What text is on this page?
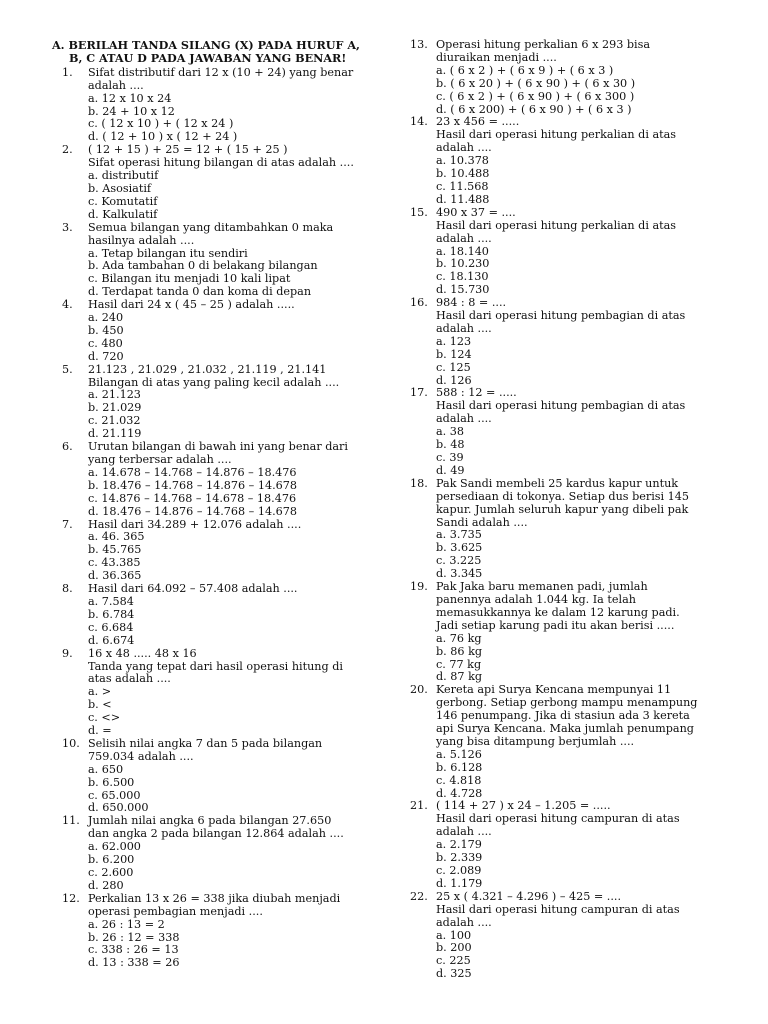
A. BERILAH TANDA SILANG (X) PADA HURUF A,
B, C ATAU D PADA JAWABAN YANG BENAR!
1. Sifat distributif dari 12 x (10 + 24) yang benar
adalah ....
a. 12 x 10 x 24
b. 24 + 10 x 12
c. ( 12 x 10 ) + ( 12 x 24 )
d. ( 12 + 10 ) x ( 12 + 24 )
2. ( 12 + 15 ) + 25 = 12 + ( 15 + 25 )
Sifat operasi hitung bilangan di atas adalah ....
a. distributif
b. Asosiatif
c. Komutatif
d. Kalkulatif
3. Semua bilangan yang ditambahkan 0 maka
hasilnya adalah ....
a. Tetap bilangan itu sendiri
b. Ada tambahan 0 di belakang bilangan
c. Bilangan itu menjadi 10 kali lipat
d. Terdapat tanda 0 dan koma di depan
4. Hasil dari 24 x ( 45 – 25 ) adalah .....
a. 240
b. 450
c. 480
d. 720
5. 21.123 , 21.029 , 21.032 , 21.119 , 21.141
Bilangan di atas yang paling kecil adalah ....
a. 21.123
b. 21.029
c. 21.032
d. 21.119
6. Urutan bilangan di bawah ini yang benar dari
yang terbersar adalah ....
a. 14.678 – 14.768 – 14.876 – 18.476
b. 18.476 – 14.768 – 14.876 – 14.678
c. 14.876 – 14.768 – 14.678 – 18.476
d. 18.476 – 14.876 – 14.768 – 14.678
7. Hasil dari 34.289 + 12.076 adalah ....
a. 46. 365
b. 45.765
c. 43.385
d. 36.365
8. Hasil dari 64.092 – 57.408 adalah ....
a. 7.584
b. 6.784
c. 6.684
d. 6.674
9. 16 x 48 ..... 48 x 16
Tanda yang tepat dari hasil operasi hitung di
atas adalah ....
a. >
b. <
c. <>
d. =
10. Selisih nilai angka 7 dan 5 pada bilangan
759.034 adalah ....
a. 650
b. 6.500
c. 65.000
d. 650.000
11. Jumlah nilai angka 6 pada bilangan 27.650
dan angka 2 pada bilangan 12.864 adalah ....
a. 62.000
b. 6.200
c. 2.600
d. 280
12. Perkalian 13 x 26 = 338 jika diubah menjadi
operasi pembagian menjadi ....
a. 26 : 13 = 2
b. 26 : 12 = 338
c. 338 : 26 = 13
d. 13 : 338 = 26
13. Operasi hitung perkalian 6 x 293 bisa
diuraikan menjadi ....
a. ( 6 x 2 ) + ( 6 x 9 ) + ( 6 x 3 )
b. ( 6 x 20 ) + ( 6 x 90 ) + ( 6 x 30 )
c. ( 6 x 2 ) + ( 6 x 90 ) + ( 6 x 300 )
d. ( 6 x 200) + ( 6 x 90 ) + ( 6 x 3 )
14. 23 x 456 = .....
Hasil dari operasi hitung perkalian di atas
adalah ....
a. 10.378
b. 10.488
c. 11.568
d. 11.488
15. 490 x 37 = ....
Hasil dari operasi hitung perkalian di atas
adalah ....
a. 18.140
b. 10.230
c. 18.130
d. 15.730
16. 984 : 8 = ....
Hasil dari operasi hitung pembagian di atas
adalah ....
a. 123
b. 124
c. 125
d. 126
17. 588 : 12 = .....
Hasil dari operasi hitung pembagian di atas
adalah ....
a. 38
b. 48
c. 39
d. 49
18. Pak Sandi membeli 25 kardus kapur untuk
persediaan di tokonya. Setiap dus berisi 145
kapur. Jumlah seluruh kapur yang dibeli pak
Sandi adalah ....
a. 3.735
b. 3.625
c. 3.225
d. 3.345
19. Pak Jaka baru memanen padi, jumlah
panennya adalah 1.044 kg. Ia telah
memasukkannya ke dalam 12 karung padi.
Jadi setiap karung padi itu akan berisi .....
a. 76 kg
b. 86 kg
c. 77 kg
d. 87 kg
20. Kereta api Surya Kencana mempunyai 11
gerbong. Setiap gerbong mampu menampung
146 penumpang. Jika di stasiun ada 3 kereta
api Surya Kencana. Maka jumlah penumpang
yang bisa ditampung berjumlah ....
a. 5.126
b. 6.128
c. 4.818
d. 4.728
21. ( 114 + 27 ) x 24 – 1.205 = .....
Hasil dari operasi hitung campuran di atas
adalah ....
a. 2.179
b. 2.339
c. 2.089
d. 1.179
22. 25 x ( 4.321 – 4.296 ) – 425 = ....
Hasil dari operasi hitung campuran di atas
adalah ....
a. 100
b. 200
c. 225
d. 325
